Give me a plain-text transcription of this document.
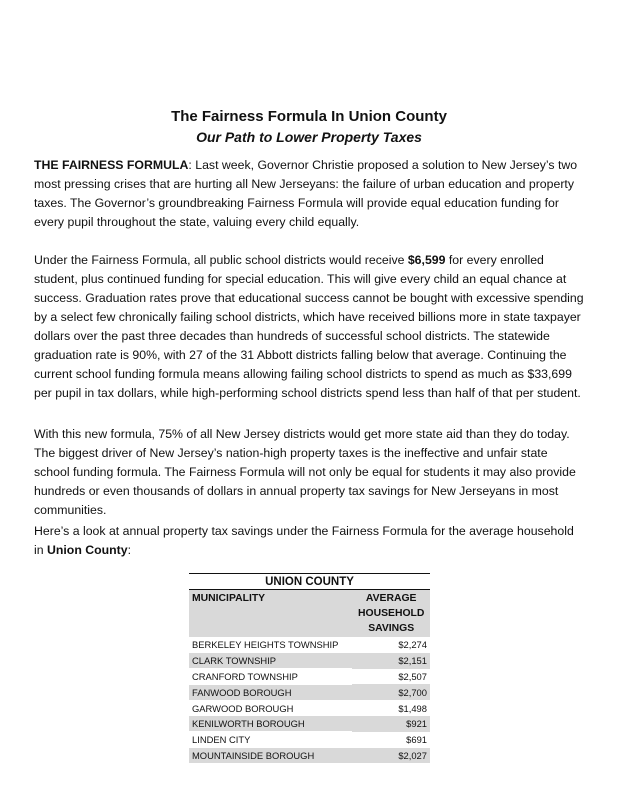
The Fairness Formula In Union County
Our Path to Lower Property Taxes

THE FAIRNESS FORMULA: Last week, Governor Christie proposed a solution to New Jersey’s two most pressing crises that are hurting all New Jerseyans: the failure of urban education and property taxes. The Governor’s groundbreaking Fairness Formula will provide equal education funding for every pupil throughout the state, valuing every child equally.

Under the Fairness Formula, all public school districts would receive $6,599 for every enrolled student, plus continued funding for special education. This will give every child an equal chance at success. Graduation rates prove that educational success cannot be bought with excessive spending by a select few chronically failing school districts, which have received billions more in state taxpayer dollars over the past three decades than hundreds of successful school districts. The statewide graduation rate is 90%, with 27 of the 31 Abbott districts falling below that average. Continuing the current school funding formula means allowing failing school districts to spend as much as $33,699 per pupil in tax dollars, while high-performing school districts spend less than half of that per student.

With this new formula, 75% of all New Jersey districts would get more state aid than they do today. The biggest driver of New Jersey’s nation-high property taxes is the ineffective and unfair state school funding formula. The Fairness Formula will not only be equal for students it may also provide hundreds or even thousands of dollars in annual property tax savings for New Jerseyans in most communities.

Here’s a look at annual property tax savings under the Fairness Formula for the average household in Union County:

UNION COUNTY	
MUNICIPALITY	AVERAGE
HOUSEHOLD
SAVINGS
BERKELEY HEIGHTS TOWNSHIP	$2,274
CLARK TOWNSHIP	$2,151
CRANFORD TOWNSHIP	$2,507
FANWOOD BOROUGH	$2,700
GARWOOD BOROUGH	$1,498
KENILWORTH BOROUGH	$921
LINDEN CITY	$691
MOUNTAINSIDE BOROUGH	$2,027
